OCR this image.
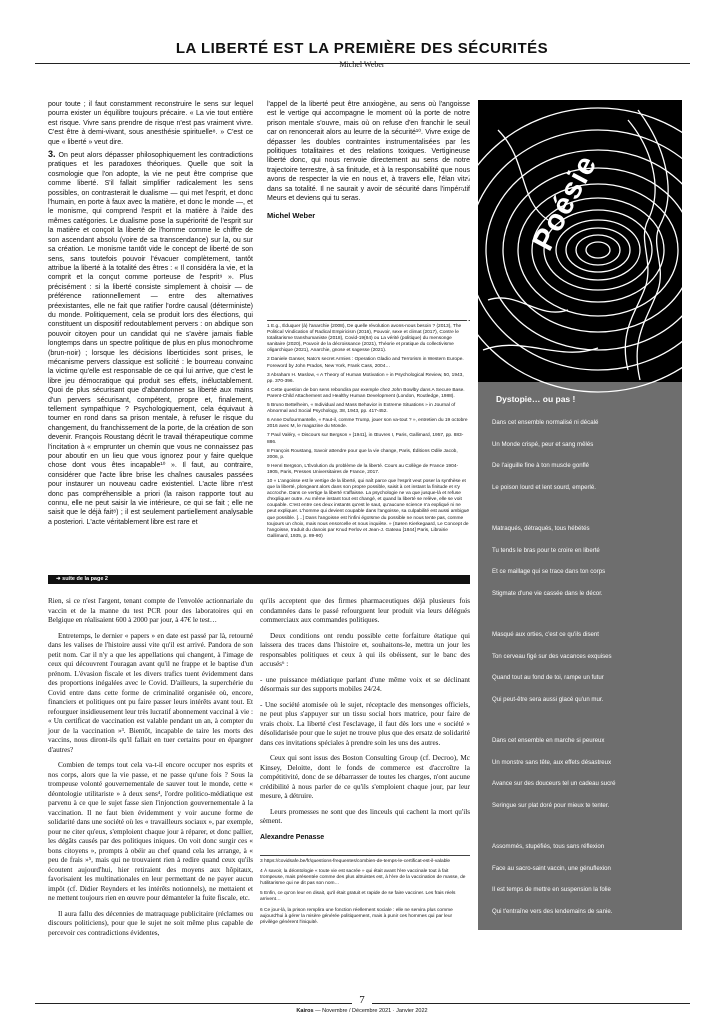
LA LIBERTÉ EST LA PREMIÈRE DES SÉCURITÉS
Michel Weber

pour toute ; il faut constamment reconstruire le sens sur lequel pourra exister un équilibre toujours précaire. « La vie tout entière est risque. Vivre sans prendre de risque n'est pas vraiment vivre. C'est être à demi-vivant, sous anesthésie spirituelle⁸. » C'est ce que « liberté » veut dire.

3. On peut alors dépasser philosophiquement les contradictions pratiques et les paradoxes théoriques. Quelle que soit la cosmologie que l'on adopte, la vie ne peut être comprise que comme liberté. S'il fallait simplifier radicalement les sens possibles, on contrasterait le dualisme — qui met l'esprit, et donc l'humain, en porte à faux avec la matière, et donc le monde —, et le monisme, qui comprend l'esprit et la matière à l'aide des mêmes catégories. Le dualisme pose la supériorité de l'esprit sur la matière et conçoit la liberté de l'homme comme le chiffre de son ascendant absolu (voire de sa transcendance) sur la, ou sur sa création. Le monisme tantôt vide le concept de liberté de son sens, sans toutefois pouvoir l'évacuer complètement, tantôt attribue la liberté à la totalité des êtres : « Il considéra la vie, et la comprit et la conçut comme porteuse de l'esprit⁹ ». Plus précisément : si la liberté consiste simplement à choisir — de préférence rationnellement — entre des alternatives préexistantes, elle ne fait que ratifier l'ordre causal (déterministe) du monde. Politiquement, cela se produit lors des élections, qui constituent un dispositif redoutablement pervers : on abdique son pouvoir citoyen pour un candidat qui ne s'avère jamais fiable longtemps dans un spectre politique de plus en plus monochrome (brun-noir) ; lorsque les décisions liberticides sont prises, le mécanisme pervers classique est sollicité : le bourreau convainc la victime qu'elle est responsable de ce qui lui arrive, que c'est le libre jeu démocratique qui produit ses effets, inéluctablement. Quoi de plus sécurisant que d'abandonner sa liberté aux mains d'un pervers sécurisant, compétent, propre et, finalement, tellement sympathique ? Psychologiquement, cela équivaut à tourner en rond dans sa prison mentale, à refuser le risque du changement, du franchissement de la porte, de la création de son devenir. François Roustang décrit le travail thérapeutique comme l'incitation à « emprunter un chemin que vous ne connaissez pas pour aboutir en un lieu que vous ignorez pour y faire quelque chose dont vous êtes incapable¹⁰ ». Il faut, au contraire, considérer que l'acte libre brise les chaînes causales passées pour instaurer un nouveau cadre existentiel. L'acte libre n'est donc pas compréhensible a priori (la raison rapporte tout au connu, elle ne peut saisir la vie intérieure, ce qui se fait ; elle ne saisit que le déjà fait⁸) ; il est seulement partiellement analysable a posteriori. L'acte véritablement libre est rare et

l'appel de la liberté peut être anxiogène, au sens où l'angoisse est le vertige qui accompagne le moment où la porte de notre prison mentale s'ouvre, mais où on refuse d'en franchir le seuil car on renoncerait alors au leurre de la sécurité¹⁰. Vivre exige de dépasser les doubles contraintes instrumentalisées par les politiques totalitaires et des relations toxiques. Vertigineuse liberté donc, qui nous renvoie directement au sens de notre trajectoire terrestre, à sa finitude, et à la responsabilité que nous avons de respecter la vie en nous et, à travers elle, l'élan vital dans sa totalité. Il ne saurait y avoir de sécurité dans l'impératif Meurs et deviens qui tu seras.

Michel Weber
1 E.g., Éduquer (à) l'anarchie (2008), De quelle révolution avons-nous besoin ? (2013), The Political Vindication of Radical Empiricism (2016), Pouvoir, sexe et climat (2017), Contre le totalitarisme transhumaniste (2018), Covid-19(84) ou La vérité (politique) du mensonge sanitaire (2020), Pouvoir de la décroissance (2021), Théorie et pratique du collectivisme oligarchique (2021), Anarchie, gnose et sagesse (2021).
2 Daniele Ganser, Nato's secret Armies : Operation Gladio and Terrorism in Western Europe. Foreword by John Prados, New York, Frank Cass, 2004…
3 Abraham H. Maslow, « A Theory of Human Motivation » in Psychological Review, 50, 1943, pp. 370-396.
4 Cette question de bon sens rebondira par exemple chez John Bowlby dans A Secure Base. Parent-Child Attachement and Healthy Human Development (London, Routledge, 1988).
5 Bruno Bettelheim, « Individual and Mass Behavior in Extreme Situations » in Journal of Abnormal and Social Psychology, 38, 1943, pp. 417-452.
6 Anne Dufourmantelle, « Faut-il, comme Trump, jouer son va-tout ? », entretien du 19 octobre 2016 avec M, le magazine du Monde.
7 Paul Valéry, « Discours sur Bergson » [1941], in Œuvres I, Paris, Gallimard, 1957, pp. 883-886.
8 François Roustang, Savoir attendre pour que la vie change, Paris, Éditions Odile Jacob, 2006, p.
9 Henri Bergson, L'Évolution du problème de la liberté. Cours au Collège de France 1904-1905, Paris, Presses Universitaires de France, 2017.
10 « L'angoisse est le vertige de la liberté, qui naît parce que l'esprit veut poser la synthèse et que la liberté, plongeant alors dans son propre possible, saisit à cet instant la finitude et s'y accroche. Dans ce vertige la liberté s'affaisse. La psychologie ne va que jusque-là et refuse d'expliquer outre. Au même instant tout est changé, et quand la liberté se relève, elle se voit coupable. C'est entre ces deux instants qu'est le saut, qu'aucune science n'a expliqué ni ne peut expliquer. L'homme qui devient coupable dans l'angoisse, sa culpabilité est aussi ambiguë que possible. […] Dans l'angoisse est l'infini égoïsme du possible ne nous tente pas, comme toujours un choix, mais nous ensorcelle et nous inquiète. » (Søren Kierkegaard, Le Concept de l'angoisse, traduit du danois par Knud Ferlov et Jean-J. Gateau [1844] Paris, Librairie Gallimard, 1935, p. 89-90)
Poésie
Dystopie… ou pas !
Dans cet ensemble normalisé ni décalé
Un Monde crispé, peur et sang mêlés
De l'aiguille fine à ton muscle gonflé
Le poison lourd et lent sourd, emperlé.
Matraqués, détraqués, tous hébétés
Tu tends le bras pour te croire en liberté
Et ce maillage qui se trace dans ton corps
Stigmate d'une vie cassée dans le décor.
Masqué aux orties, c'est ce qu'ils disent
Ton cerveau figé sur des vacances exquises
Quand tout au fond de toi, rampe un futur
Qui peut-être sera aussi glacé qu'un mur.
Dans cet ensemble en marche si peureux
Un monstre sans tête, aux effets désastreux
Avance sur des douceurs tel un cadeau sucré
Seringue sur plat doré pour mieux te tenter.
Assommés, stupéfiés, tous sans réflexion
Face au sacro-saint vaccin, une génuflexion
Il est temps de mettre en suspension la folie
Qui t'entraîne vers des lendemains de sanie.
Dystopie… ou pas !
Marie-Ange Herman
➜ suite de la page 2

Rien, si ce n'est l'argent, tenant compte de l'envolée actionnariale du vaccin et de la manne du test PCR pour des laboratoires qui en Belgique en réalisaient 600 à 2000 par jour, à 47€ le test…

Entretemps, le dernier « papers » en date est passé par là, retourné dans les valises de l'histoire aussi vite qu'il est arrivé. Pandora de son petit nom. Car il n'y a que les appellations qui changent, à l'image de ceux qui découvrent l'ouragan avant qu'il ne frappe et le baptise d'un prénom. L'évasion fiscale et les divers trafics tuent évidemment dans des proportions inégalées avec le Covid. D'ailleurs, la superchérie du Covid entre dans cette forme de criminalité organisée où, encore, financiers et politiques ont pu faire passer leurs intérêts avant tout. Et refourguer insidieusement leur très lucratif abonnement vaccinal à vie : « Un certificat de vaccination est valable pendant un an, à compter du jour de la vaccination »³. Bientôt, incapable de taire les morts des vaccins, nous diront-ils qu'il fallait en tuer certains pour en épargner d'autres?

Combien de temps tout cela va-t-il encore occuper nos esprits et nos corps, alors que la vie passe, et ne passe qu'une fois ? Sous la trompeuse volonté gouvernementale de sauver tout le monde, cette « déontologie utilitariste » à deux sens⁴, l'ordre politico-médiatique est parvenu à ce que le sujet fasse sien l'injonction gouvernementale à la vaccination. Il ne faut bien évidemment y voir aucune forme de solidarité dans une société où les « travailleurs sociaux », par exemple, pour ne citer qu'eux, s'emploient chaque jour à réparer, et donc pallier, les dégâts causés par des politiques iniques. On voit donc surgir ces « bons citoyens », prompts à obéir au chef quand cela les arrange, à « peu de frais »⁵, mais qui ne trouvaient rien à redire quand ceux qu'ils écoutent aujourd'hui, hier retiraient des moyens aux hôpitaux, favorisaient les multinationales en leur permettant de ne payer aucun impôt (cf. Didier Reynders et les intérêts notionnels), ne mettaient et ne mettent toujours rien en œuvre pour démanteler la fuite fiscale, etc.

Il aura fallu des décennies de matraquage publicitaire (réclames ou discours politiciens), pour que le sujet ne soit même plus capable de percevoir ces contradictions évidentes,

qu'ils acceptent que des firmes pharmaceutiques déjà plusieurs fois condamnées dans le passé refourguent leur produit via leurs délégués commerciaux aux commandes politiques.

Deux conditions ont rendu possible cette forfaiture étatique qui laissera des traces dans l'histoire et, souhaitons-le, mettra un jour les responsables politiques et ceux à qui ils obéissent, sur le banc des accusés⁶ :

- une puissance médiatique parlant d'une même voix et se déclinant désormais sur des supports mobiles 24/24.

- Une société atomisée où le sujet, réceptacle des mensonges officiels, ne peut plus s'appuyer sur un tissu social hors matrice, pour faire de vrais choix. La liberté c'est l'esclavage, il faut dès lors une « société » désolidarisée pour que le sujet ne trouve plus que des ersatz de solidarité dans ces invitations spéciales à prendre soin les uns des autres.

Ceux qui sont issus des Boston Consulting Group (cf. Decroo), Mc Kinsey, Deloitte, dont le fonds de commerce est d'accroître la compétitivité, donc de se débarrasser de toutes les charges, n'ont aucune crédibilité à nous parler de ce qu'ils s'emploient chaque jour, par leur mesure, à détruire.

Leurs promesses ne sont que des linceuls qui cachent la mort qu'ils sèment.

Alexandre Penasse
3 https://covidsafe.be/fr/questions-frequentes/combien-de-temps-le-certificat-est-il-valable
4 À savoir, la déontologie « toute vie est sacrée » qui était avant l'ère vaccinale tout à fait trompeuse, mais présentée comme des plus altruistes est, à l'ère de la vaccination de masse, de l'utilitarisme qui ne dit pas son nom…
5 Enfin, ce qu'on leur en disait, qu'il était gratuit et rapide de se faire vacciner. Les frais réels arrivent…
6 Ce jour-là, la prison remplira une fonction réellement sociale : elle ne servira plus comme aujourd'hui à gérer la misère générée politiquement, mais à punir ces hommes qui par leur privilège génèrent l'iniquité.
7
Kairos — Novembre / Décembre 2021 · Janvier 2022
